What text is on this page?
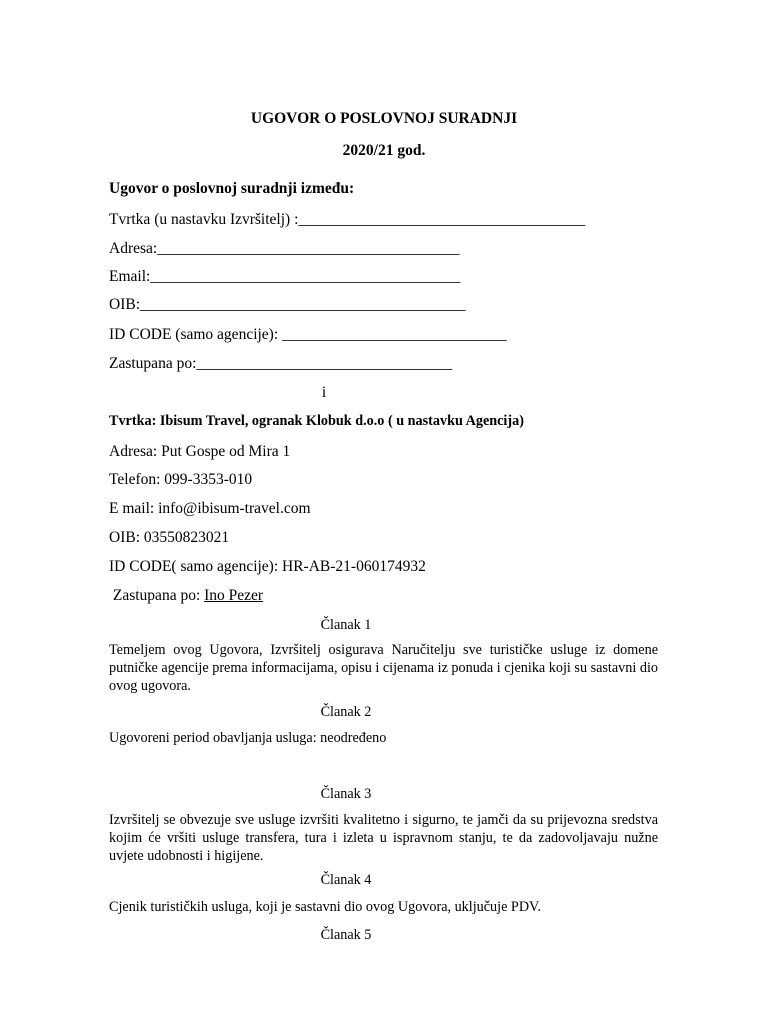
UGOVOR O POSLOVNOJ SURADNJI
2020/21 god.
Ugovor o poslovnoj suradnji između:
Tvrtka (u nastavku Izvršitelj) :_____________________________________
Adresa:_______________________________________
Email:________________________________________
OIB:__________________________________________
ID CODE (samo agencije): _____________________________
Zastupana po:_________________________________
i
Tvrtka: Ibisum Travel, ogranak Klobuk d.o.o ( u nastavku Agencija)
Adresa: Put Gospe od Mira 1
Telefon: 099-3353-010
E mail: info@ibisum-travel.com
OIB: 03550823021
ID CODE( samo agencije): HR-AB-21-060174932
Zastupana po: Ino Pezer
Članak 1
Temeljem ovog Ugovora, Izvršitelj osigurava Naručitelju sve turističke usluge iz domene putničke agencije prema informacijama, opisu i cijenama iz ponuda i cjenika koji su sastavni dio ovog ugovora.
Članak 2
Ugovoreni period obavljanja usluga: neodređeno
Članak 3
Izvršitelj se obvezuje sve usluge izvršiti kvalitetno i sigurno, te jamči da su prijevozna sredstva kojim će vršiti usluge transfera, tura i izleta u ispravnom stanju, te da zadovoljavaju nužne uvjete udobnosti i higijene.
Članak 4
Cjenik turističkih usluga, koji je sastavni dio ovog Ugovora, uključuje PDV.
Članak 5
